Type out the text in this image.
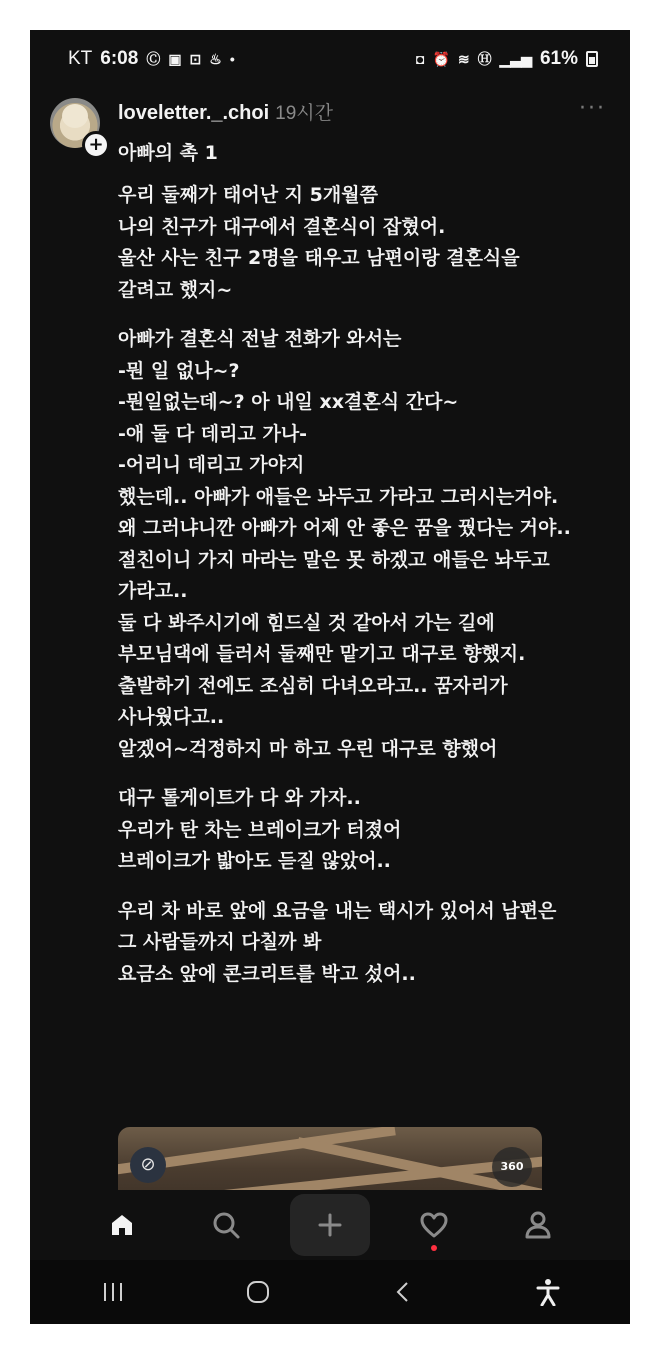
KT 6:08 Ⓒ ▣ ⊡ ♨ •	◘ ⏰ ≋ Ⓗ ▁▃▅ 61%
+
loveletter._.choi 19시간	···
아빠의 촉 1
우리 둘째가 태어난 지 5개월쯤
나의 친구가 대구에서 결혼식이 잡혔어.
울산 사는 친구 2명을 태우고 남편이랑 결혼식을
갈려고 했지~
아빠가 결혼식 전날 전화가 와서는
-뭔 일 없나~?
-뭔일없는데~? 아 내일 xx결혼식 간다~
-애 둘 다 데리고 가나-
-어리니 데리고 가야지
했는데.. 아빠가 애들은 놔두고 가라고 그러시는거야.
왜 그러냐니깐 아빠가 어제 안 좋은 꿈을 꿨다는 거야..
절친이니 가지 마라는 말은 못 하겠고 애들은 놔두고
가라고..
둘 다 봐주시기에 힘드실 것 같아서 가는 길에
부모님댁에 들러서 둘째만 맡기고 대구로 향했지.
출발하기 전에도 조심히 다녀오라고.. 꿈자리가
사나웠다고..
알겠어~걱정하지 마 하고 우린 대구로 향했어
대구 톨게이트가 다 와 가자..
우리가 탄 차는 브레이크가 터졌어
브레이크가 밟아도 듣질 않았어..
우리 차 바로 앞에 요금을 내는 택시가 있어서 남편은
그 사람들까지 다칠까 봐
요금소 앞에 콘크리트를 박고 섰어..
⊘	360
